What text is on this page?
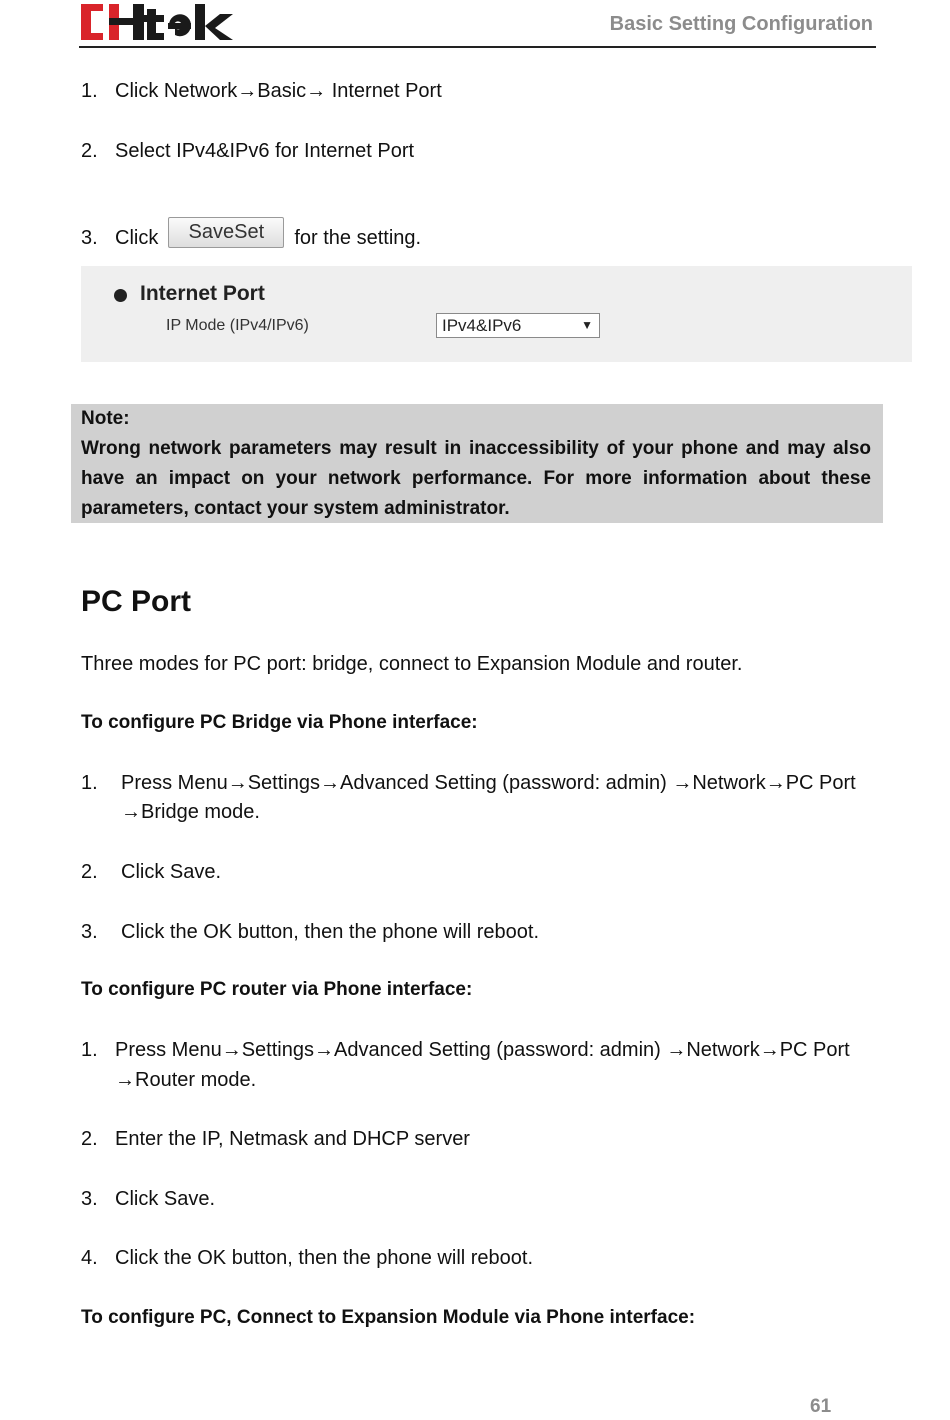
Basic Setting Configuration
1. Click Network→Basic→ Internet Port
2. Select IPv4&IPv6 for Internet Port
3. Click SaveSet for the setting.
Internet Port
IP Mode (IPv4/IPv6)	IPv4&IPv6	▼
Note:
Wrong network parameters may result in inaccessibility of your phone and may also have an impact on your network performance. For more information about these parameters, contact your system administrator.
PC Port
Three modes for PC port: bridge, connect to Expansion Module and router.
To configure PC Bridge via Phone interface:
1. Press Menu→Settings→Advanced Setting (password: admin) →Network→PC Port
→Bridge mode.
2. Click Save.
3. Click the OK button, then the phone will reboot.
To configure PC router via Phone interface:
1. Press Menu→Settings→Advanced Setting (password: admin) →Network→PC Port
→Router mode.
2. Enter the IP, Netmask and DHCP server
3. Click Save.
4. Click the OK button, then the phone will reboot.
To configure PC, Connect to Expansion Module via Phone interface:
61
